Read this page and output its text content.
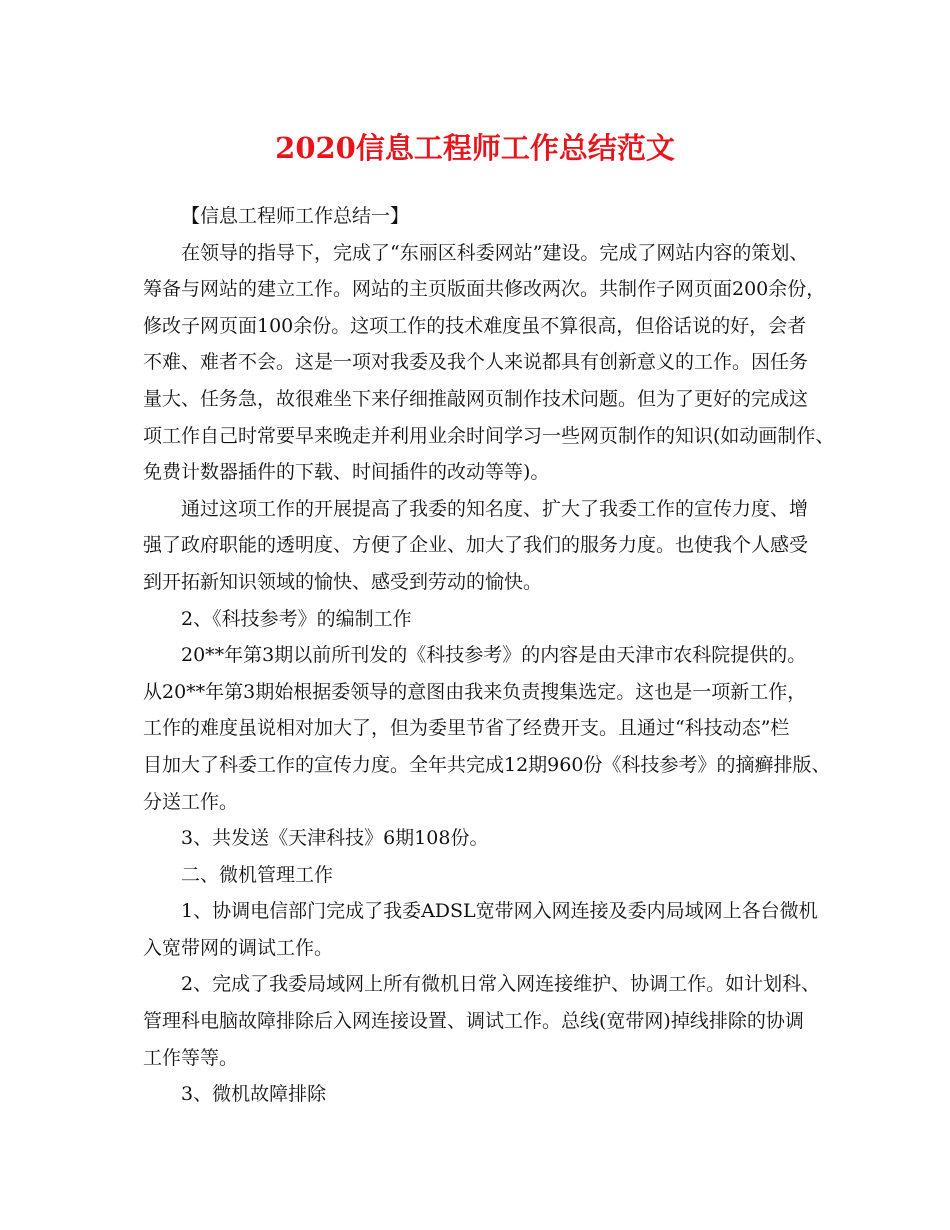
2020信息工程师工作总结范文
【信息工程师工作总结一】
在领导的指导下，完成了“东丽区科委网站”建设。完成了网站内容的策划、
筹备与网站的建立工作。网站的主页版面共修改两次。共制作子网页面200余份，
修改子网页面100余份。这项工作的技术难度虽不算很高，但俗话说的好，会者
不难、难者不会。这是一项对我委及我个人来说都具有创新意义的工作。因任务
量大、任务急，故很难坐下来仔细推敲网页制作技术问题。但为了更好的完成这
项工作自己时常要早来晚走并利用业余时间学习一些网页制作的知识(如动画制作、
免费计数器插件的下载、时间插件的改动等等)。
通过这项工作的开展提高了我委的知名度、扩大了我委工作的宣传力度、增
强了政府职能的透明度、方便了企业、加大了我们的服务力度。也使我个人感受
到开拓新知识领域的愉快、感受到劳动的愉快。
2、《科技参考》的编制工作
20**年第3期以前所刊发的《科技参考》的内容是由天津市农科院提供的。
从20**年第3期始根据委领导的意图由我来负责搜集选定。这也是一项新工作，
工作的难度虽说相对加大了，但为委里节省了经费开支。且通过“科技动态”栏
目加大了科委工作的宣传力度。全年共完成12期960份《科技参考》的摘癣排版、
分送工作。
3、共发送《天津科技》6期108份。
二、微机管理工作
1、协调电信部门完成了我委ADSL宽带网入网连接及委内局域网上各台微机
入宽带网的调试工作。
2、完成了我委局域网上所有微机日常入网连接维护、协调工作。如计划科、
管理科电脑故障排除后入网连接设置、调试工作。总线(宽带网)掉线排除的协调
工作等等。
3、微机故障排除
